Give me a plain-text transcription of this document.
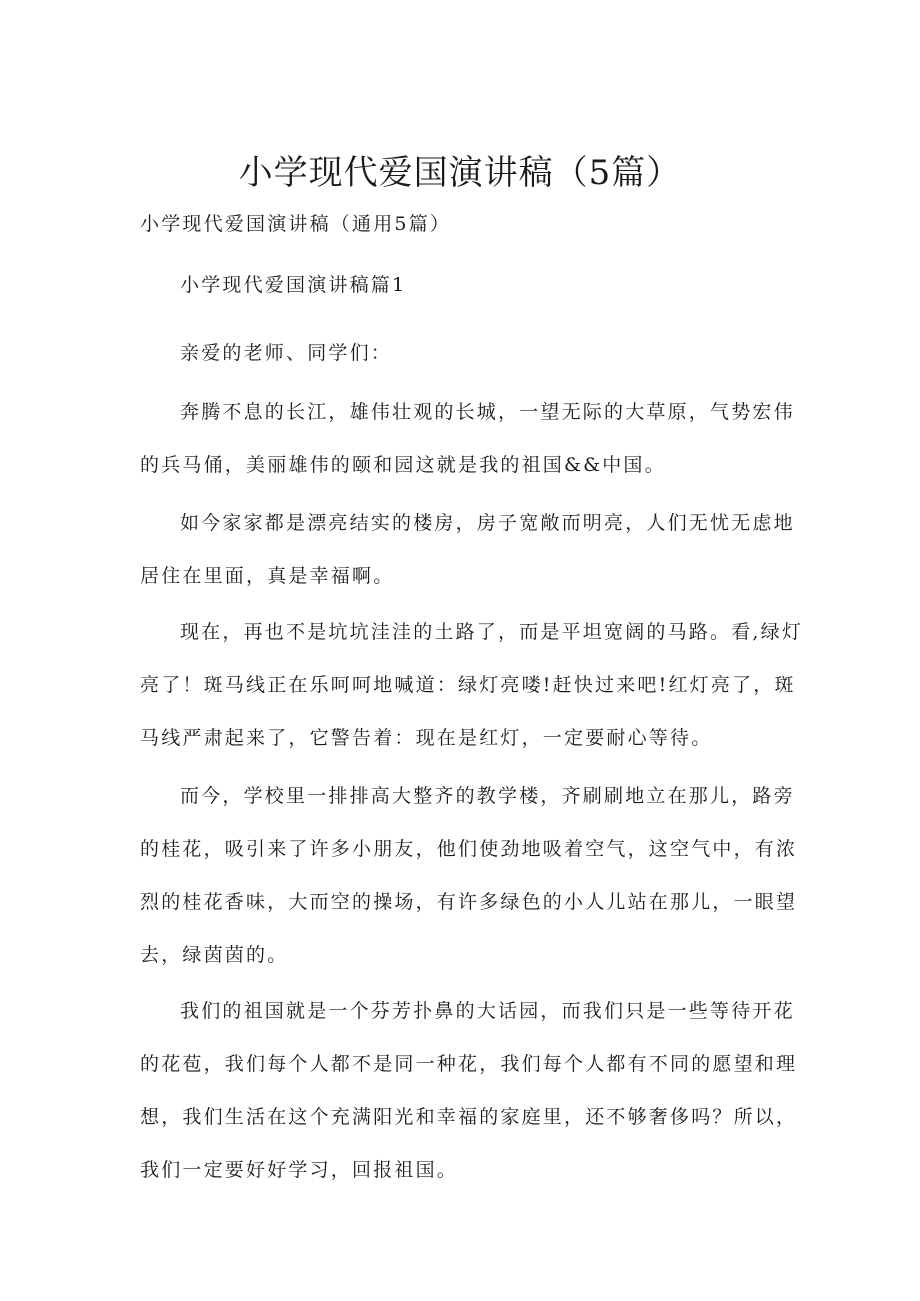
小学现代爱国演讲稿（5篇）

小学现代爱国演讲稿（通用5篇）

小学现代爱国演讲稿篇1

亲爱的老师、同学们：

奔腾不息的长江，雄伟壮观的长城，一望无际的大草原，气势宏伟
的兵马俑，美丽雄伟的颐和园这就是我的祖国&&中国。
如今家家都是漂亮结实的楼房，房子宽敞而明亮，人们无忧无虑地
居住在里面，真是幸福啊。
现在，再也不是坑坑洼洼的土路了，而是平坦宽阔的马路。看,绿灯
亮了！斑马线正在乐呵呵地喊道：绿灯亮喽!赶快过来吧!红灯亮了，斑
马线严肃起来了，它警告着：现在是红灯，一定要耐心等待。
而今，学校里一排排高大整齐的教学楼，齐刷刷地立在那儿，路旁
的桂花，吸引来了许多小朋友，他们使劲地吸着空气，这空气中，有浓
烈的桂花香味，大而空的操场，有许多绿色的小人儿站在那儿，一眼望
去，绿茵茵的。
我们的祖国就是一个芬芳扑鼻的大话园，而我们只是一些等待开花
的花苞，我们每个人都不是同一种花，我们每个人都有不同的愿望和理
想，我们生活在这个充满阳光和幸福的家庭里，还不够奢侈吗？所以，
我们一定要好好学习，回报祖国。
